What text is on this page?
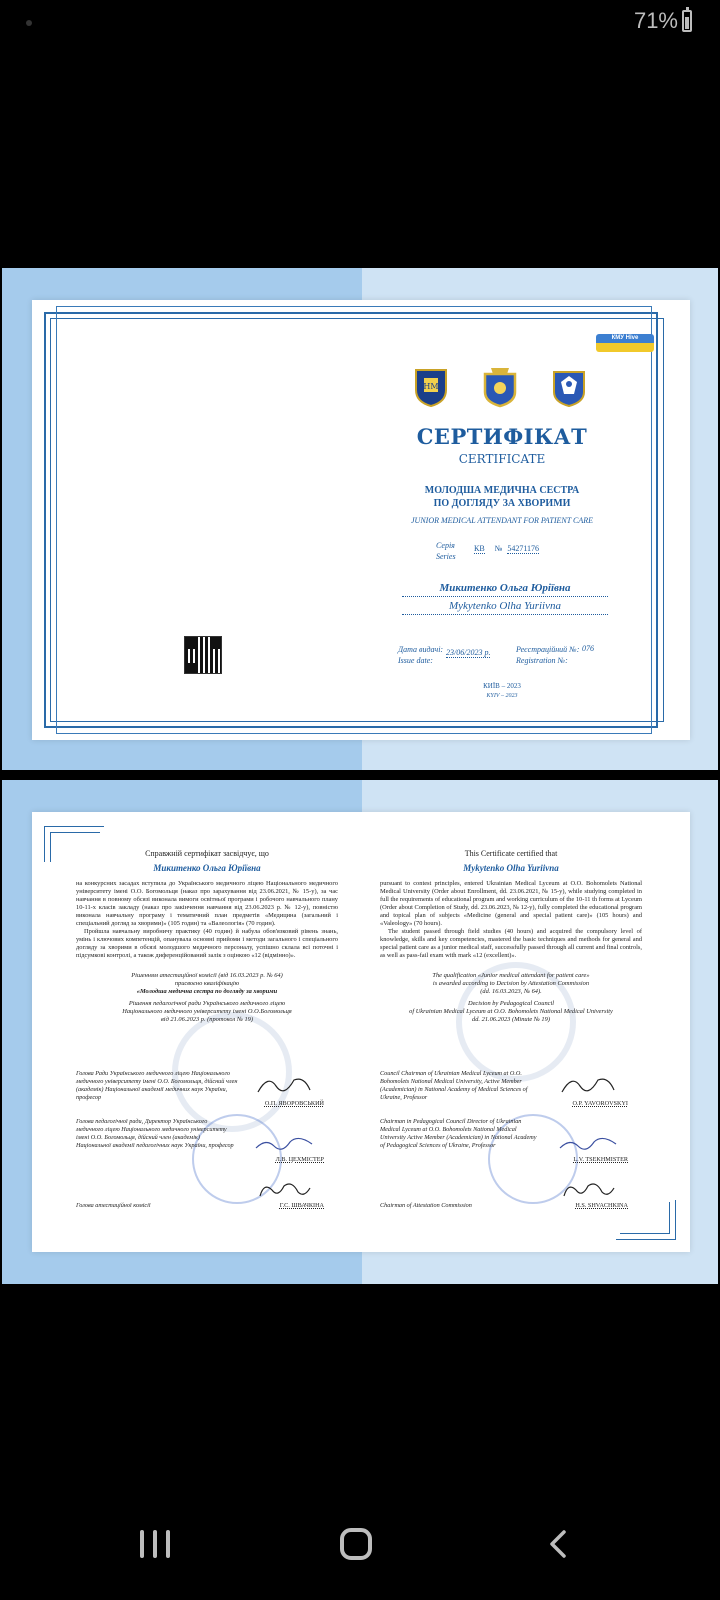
71%
КМУ Hive
НМ
СЕРТИФІКАТ
CERTIFICATE
МОЛОДША МЕДИЧНА СЕСТРА
ПО ДОГЛЯДУ ЗА ХВОРИМИ
JUNIOR MEDICAL ATTENDANT FOR PATIENT CARE
Серія
Series
КВ № 54271176
Микитенко Ольга Юріївна
Mykytenko Olha Yuriivna
Дата видачі:
Issue date:
23/06/2023 р.	Реєстраційний №:
Registration №:
076
КИЇВ – 2023
KYIV – 2023
Справжній сертифікат засвідчує, що
Микитенко Ольга Юріївна

на конкурсних засадах вступила до Українського медичного ліцею Національного медичного університету імені О.О. Богомольця (наказ про зарахування від 23.06.2021, № 15-у), за час навчання в повному обсязі виконала вимоги освітньої програми і робочого навчального плану 10-11-х класів закладу (наказ про закінчення навчання від 23.06.2023 р. № 12-у), повністю виконала навчальну програму і тематичний план предметів «Медицина (загальний і спеціальний догляд за хворими)» (105 годин) та «Валеологія» (70 годин).

Пройшла навчальну виробничу практику (40 годин) й набула обов'язковий рівень знань, умінь і ключових компетенцій, опанувала основні прийоми і методи загального і спеціального догляду за хворими в обсязі молодшого медичного персоналу, успішно склала всі поточні і підсумкові контролі, а також диференційований залік з оцінкою «12 (відмінно)».

Рішенням атестаційної комісії (від 16.03.2023 р. № 64)
присвоєно кваліфікацію
«Молодша медична сестра по догляду за хворими
Рішення педагогічної ради Українського медичного ліцею
Національного медичного університету імені О.О.Богомольця
від 21.06.2023 р. (протокол № 19)
This Certificate certified that
Mykytenko Olha Yuriivna

pursuant to contest principles, entered Ukrainian Medical Lyceum at O.O. Bohomolets National Medical University (Order about Enrollment, dd. 23.06.2021, № 15-у), while studying completed in full the requirements of educational program and working curriculum of the 10-11 th forms at Lyceum (Order about Completion of Study, dd. 23.06.2023, № 12-у), fully completed the educational program and topical plan of subjects «Medicine (general and special patient care)» (105 hours) and «Valeology» (70 hours).

The student passed through field studies (40 hours) and acquired the compulsory level of knowledge, skills and key competencies, mastered the basic techniques and methods for general and special patient care as a junior medical staff, successfully passed through all current and final controls, as well as pass-fail exam with mark «12 (excellent)».

The qualification «Junior medical attendant for patient care»
is awarded according to Decision by Attestation Commission
(dd. 16.03.2023, № 64).
Decision by Pedagogical Council
of Ukrainian Medical Lyceum at O.O. Bohomolets National Medical University
dd. 21.06.2023 (Minute № 19)
Голова Ради Українського медичного ліцею Національного медичного університету імені О.О. Богомольця, дійсний член (академік) Національної академії медичних наук України, професор
О.П. ЯВОРОВСЬКИЙ
Голова педагогічної ради, Директор Українського медичного ліцею Національного медичного університету імені О.О. Богомольця, дійсний член (академік) Національної академії педагогічних наук України, професор
Л.В. ЦЕХМІСТЕР
Голова атестаційної комісії	Г.С. ШВАЧКІНА
Council Chairman of Ukrainian Medical Lyceum at O.O. Bohomolets National Medical University, Active Member (Academician) in National Academy of Medical Sciences of Ukraine, Professor
O.P. YAVOROVSKYI
Chairman in Pedagogical Council Director of Ukrainian Medical Lyceum at O.O. Bohomolets National Medical University Active Member (Academician) in National Academy of Pedagogical Sciences of Ukraine, Professor
L.V. TSEKHMISTER
Chairman of Attestation Commission	H.S. SHVACHKINA
